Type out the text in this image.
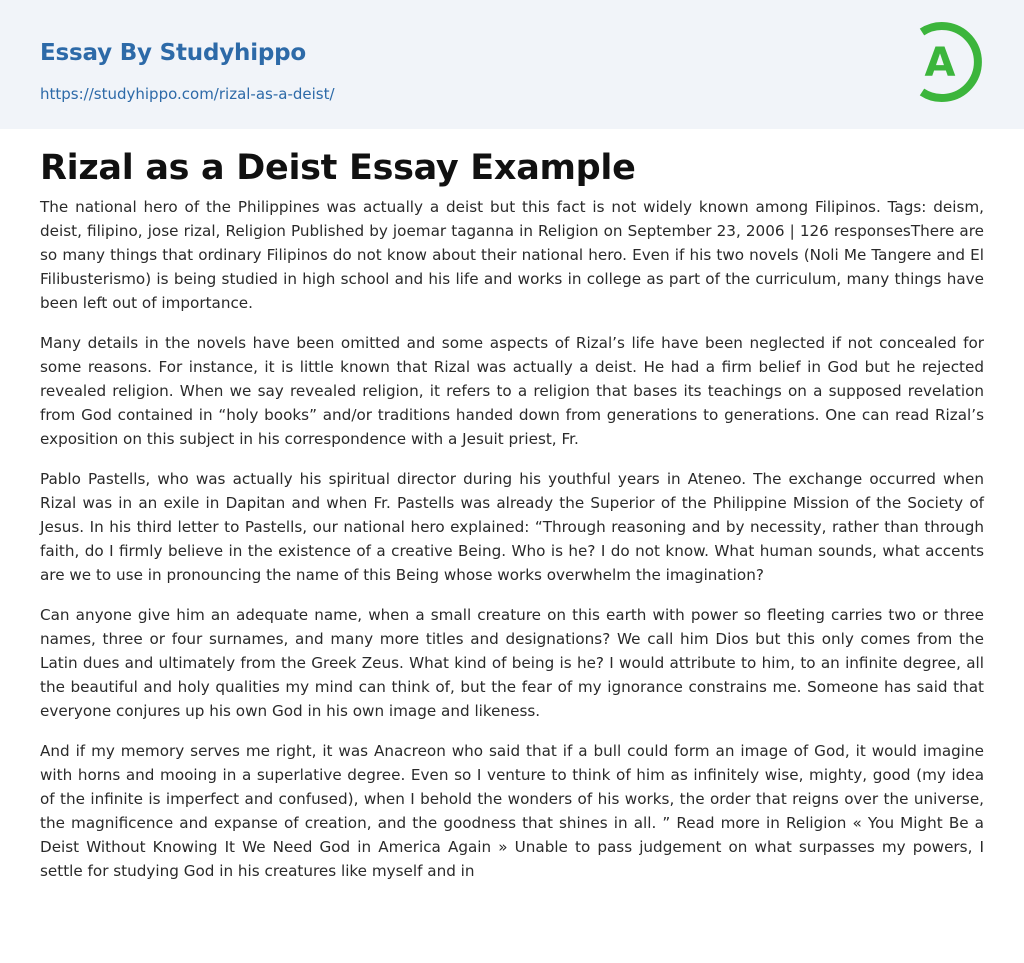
Essay By Studyhippo
https://studyhippo.com/rizal-as-a-deist/
A
Rizal as a Deist Essay Example

The national hero of the Philippines was actually a deist but this fact is not widely known among Filipinos. Tags: deism, deist, filipino, jose rizal, Religion Published by joemar taganna in Religion on September 23, 2006 | 126 responsesThere are so many things that ordinary Filipinos do not know about their national hero. Even if his two novels (Noli Me Tangere and El Filibusterismo) is being studied in high school and his life and works in college as part of the curriculum, many things have been left out of importance.

Many details in the novels have been omitted and some aspects of Rizal’s life have been neglected if not concealed for some reasons. For instance, it is little known that Rizal was actually a deist. He had a firm belief in God but he rejected revealed religion. When we say revealed religion, it refers to a religion that bases its teachings on a supposed revelation from God contained in “holy books” and/or traditions handed down from generations to generations. One can read Rizal’s exposition on this subject in his correspondence with a Jesuit priest, Fr.

Pablo Pastells, who was actually his spiritual director during his youthful years in Ateneo. The exchange occurred when Rizal was in an exile in Dapitan and when Fr. Pastells was already the Superior of the Philippine Mission of the Society of Jesus. In his third letter to Pastells, our national hero explained: “Through reasoning and by necessity, rather than through faith, do I firmly believe in the existence of a creative Being. Who is he? I do not know. What human sounds, what accents are we to use in pronouncing the name of this Being whose works overwhelm the imagination?

Can anyone give him an adequate name, when a small creature on this earth with power so fleeting carries two or three names, three or four surnames, and many more titles and designations? We call him Dios but this only comes from the Latin dues and ultimately from the Greek Zeus. What kind of being is he? I would attribute to him, to an infinite degree, all the beautiful and holy qualities my mind can think of, but the fear of my ignorance constrains me. Someone has said that everyone conjures up his own God in his own image and likeness.

And if my memory serves me right, it was Anacreon who said that if a bull could form an image of God, it would imagine with horns and mooing in a superlative degree. Even so I venture to think of him as infinitely wise, mighty, good (my idea of the infinite is imperfect and confused), when I behold the wonders of his works, the order that reigns over the universe, the magnificence and expanse of creation, and the goodness that shines in all. ” Read more in Religion « You Might Be a Deist Without Knowing It We Need God in America Again » Unable to pass judgement on what surpasses my powers, I settle for studying God in his creatures like myself and in
